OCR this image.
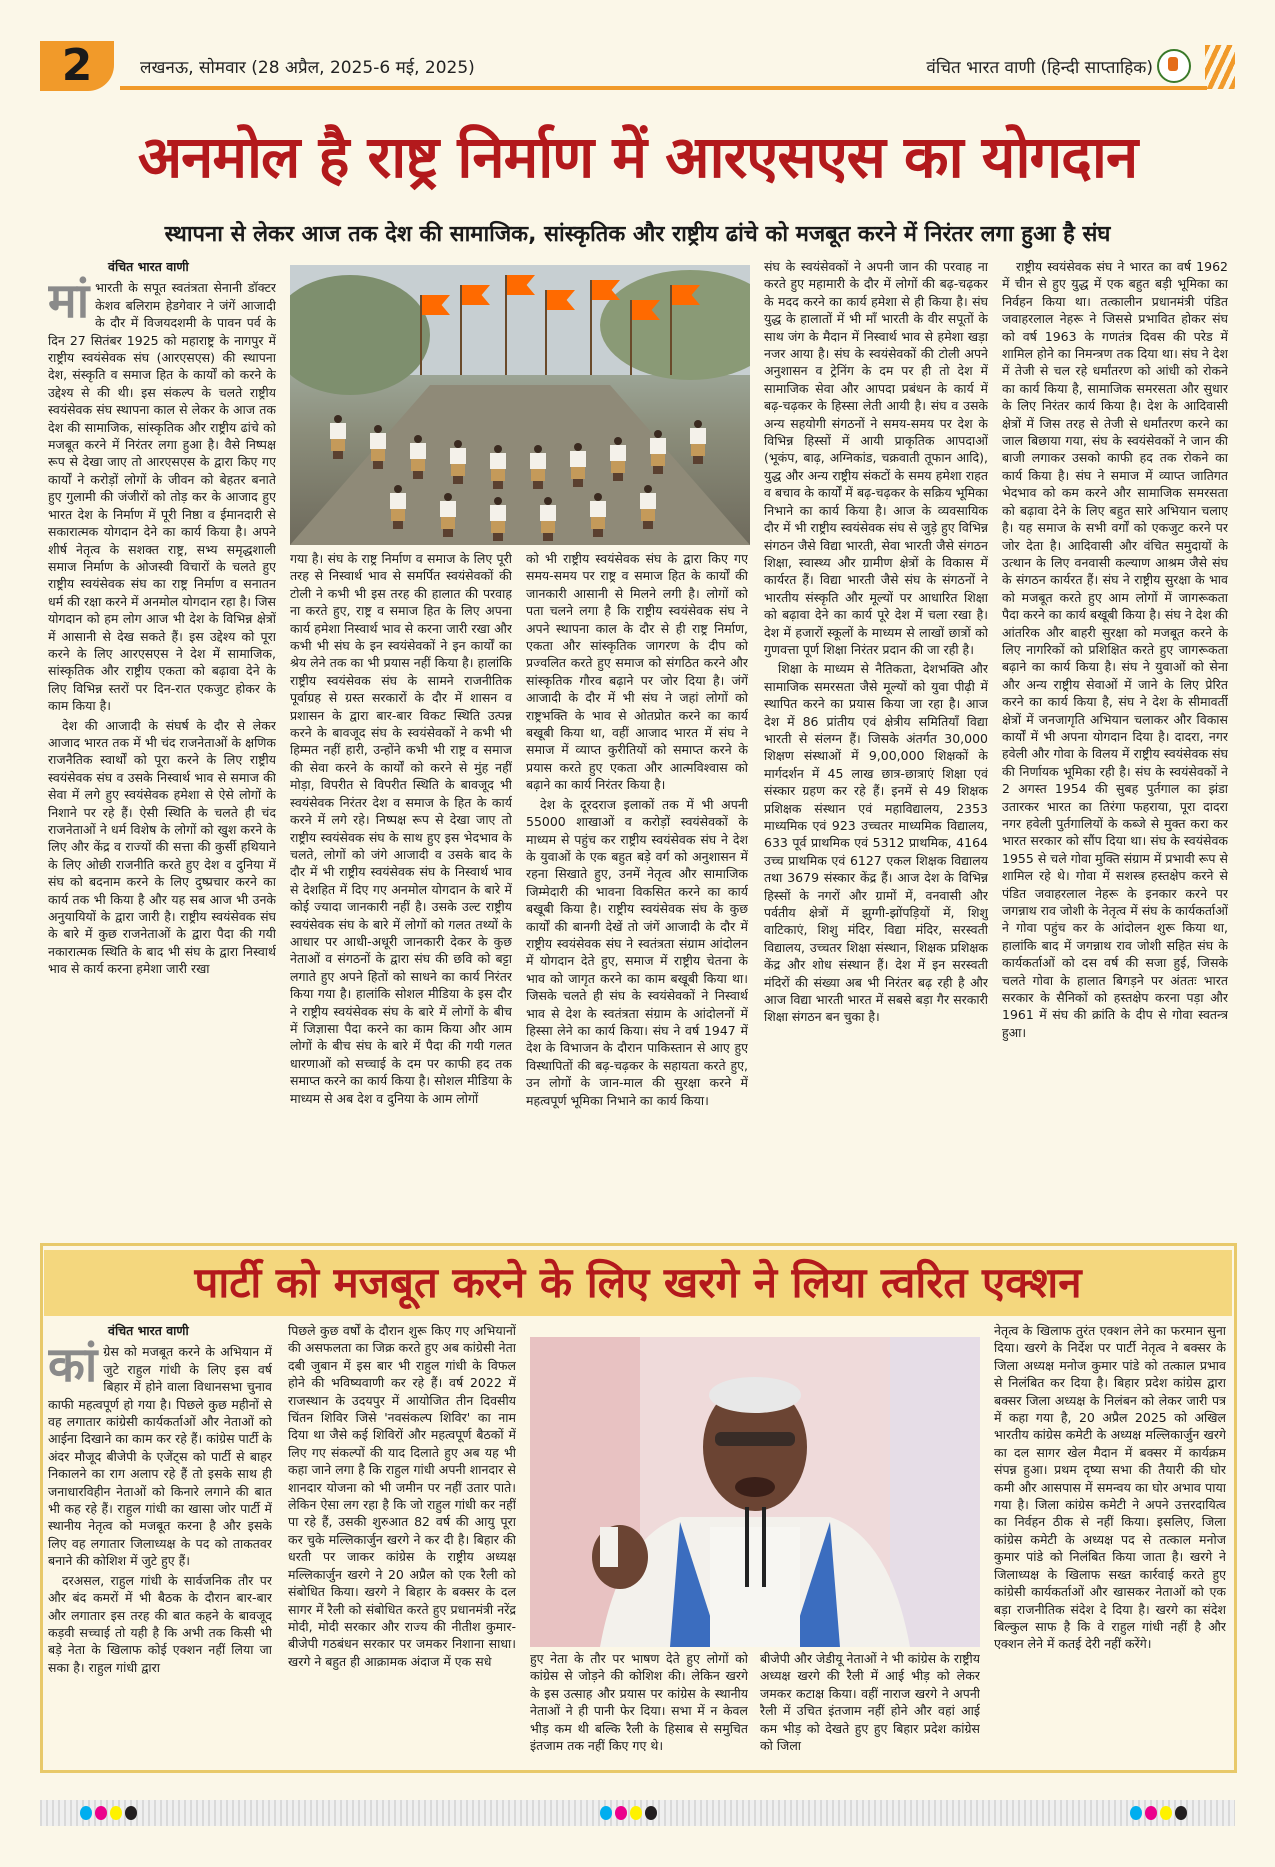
2	लखनऊ, सोमवार (28 अप्रैल, 2025-6 मई, 2025)	वंचित भारत वाणी (हिन्दी साप्ताहिक)
अनमोल है राष्ट्र निर्माण में आरएसएस का योगदान
स्थापना से लेकर आज तक देश की सामाजिक, सांस्कृतिक और राष्ट्रीय ढांचे को मजबूत करने में निरंतर लगा हुआ है संघ
वंचित भारत वाणी
मां भारती के सपूत स्वतंत्रता सेनानी डॉक्टर केशव बलिराम हेडगेवार ने जंगें आजादी के दौर में विजयदशमी के पावन पर्व के दिन 27 सितंबर 1925 को महाराष्ट्र के नागपुर में राष्ट्रीय स्वयंसेवक संघ (आरएसएस) की स्थापना देश, संस्कृति व समाज हित के कार्यों को करने के उद्देश्य से की थी। इस संकल्प के चलते राष्ट्रीय स्वयंसेवक संघ स्थापना काल से लेकर के आज तक देश की सामाजिक, सांस्कृतिक और राष्ट्रीय ढांचे को मजबूत करने में निरंतर लगा हुआ है। वैसे निष्पक्ष रूप से देखा जाए तो आरएसएस के द्वारा किए गए कार्यों ने करोड़ों लोगों के जीवन को बेहतर बनाते हुए गुलामी की जंजीरों को तोड़ कर के आजाद हुए भारत देश के निर्माण में पूरी निष्ठा व ईमानदारी से सकारात्मक योगदान देने का कार्य किया है। अपने शीर्ष नेतृत्व के सशक्त राष्ट्र, सभ्य समृद्धशाली समाज निर्माण के ओजस्वी विचारों के चलते हुए राष्ट्रीय स्वयंसेवक संघ का राष्ट्र निर्माण व सनातन धर्म की रक्षा करने में अनमोल योगदान रहा है। जिस योगदान को हम लोग आज भी देश के विभिन्न क्षेत्रों में आसानी से देख सकते हैं। इस उद्देश्य को पूरा करने के लिए आरएसएस ने देश में सामाजिक, सांस्कृतिक और राष्ट्रीय एकता को बढ़ावा देने के लिए विभिन्न स्तरों पर दिन-रात एकजुट होकर के काम किया है।

देश की आजादी के संघर्ष के दौर से लेकर आजाद भारत तक में भी चंद राजनेताओं के क्षणिक राजनैतिक स्वार्थों को पूरा करने के लिए राष्ट्रीय स्वयंसेवक संघ व उसके निस्वार्थ भाव से समाज की सेवा में लगे हुए स्वयंसेवक हमेशा से ऐसे लोगों के निशाने पर रहे हैं। ऐसी स्थिति के चलते ही चंद राजनेताओं ने धर्म विशेष के लोगों को खुश करने के लिए और केंद्र व राज्यों की सत्ता की कुर्सी हथियाने के लिए ओछी राजनीति करते हुए देश व दुनिया में संघ को बदनाम करने के लिए दुष्प्रचार करने का कार्य तक भी किया है और यह सब आज भी उनके अनुयायियों के द्वारा जारी है। राष्ट्रीय स्वयंसेवक संघ के बारे में कुछ राजनेताओं के द्वारा पैदा की गयी नकारात्मक स्थिति के बाद भी संघ के द्वारा निस्वार्थ भाव से कार्य करना हमेशा जारी रखा

गया है। संघ के राष्ट्र निर्माण व समाज के लिए पूरी तरह से निस्वार्थ भाव से समर्पित स्वयंसेवकों की टोली ने कभी भी इस तरह की हालात की परवाह ना करते हुए, राष्ट्र व समाज हित के लिए अपना कार्य हमेशा निस्वार्थ भाव से करना जारी रखा और कभी भी संघ के इन स्वयंसेवकों ने इन कार्यों का श्रेय लेने तक का भी प्रयास नहीं किया है। हालांकि राष्ट्रीय स्वयंसेवक संघ के सामने राजनीतिक पूर्वाग्रह से ग्रस्त सरकारों के दौर में शासन व प्रशासन के द्वारा बार-बार विकट स्थिति उत्पन्न करने के बावजूद संघ के स्वयंसेवकों ने कभी भी हिम्मत नहीं हारी, उन्होंने कभी भी राष्ट्र व समाज की सेवा करने के कार्यों को करने से मुंह नहीं मोड़ा, विपरीत से विपरीत स्थिति के बावजूद भी स्वयंसेवक निरंतर देश व समाज के हित के कार्य करने में लगे रहे। निष्पक्ष रूप से देखा जाए तो राष्ट्रीय स्वयंसेवक संघ के साथ हुए इस भेदभाव के चलते, लोगों को जंगे आजादी व उसके बाद के दौर में भी राष्ट्रीय स्वयंसेवक संघ के निस्वार्थ भाव से देशहित में दिए गए अनमोल योगदान के बारे में कोई ज्यादा जानकारी नहीं है। उसके उल्ट राष्ट्रीय स्वयंसेवक संघ के बारे में लोगों को गलत तथ्यों के आधार पर आधी-अधूरी जानकारी देकर के कुछ नेताओं व संगठनों के द्वारा संघ की छवि को बट्टा लगाते हुए अपने हितों को साधने का कार्य निरंतर किया गया है। हालांकि सोशल मीडिया के इस दौर ने राष्ट्रीय स्वयंसेवक संघ के बारे में लोगों के बीच में जिज्ञासा पैदा करने का काम किया और आम लोगों के बीच संघ के बारे में पैदा की गयी गलत धारणाओं को सच्चाई के दम पर काफी हद तक समाप्त करने का कार्य किया है। सोशल मीडिया के माध्यम से अब देश व दुनिया के आम लोगों

को भी राष्ट्रीय स्वयंसेवक संघ के द्वारा किए गए समय-समय पर राष्ट्र व समाज हित के कार्यों की जानकारी आसानी से मिलने लगी है। लोगों को पता चलने लगा है कि राष्ट्रीय स्वयंसेवक संघ ने अपने स्थापना काल के दौर से ही राष्ट्र निर्माण, एकता और सांस्कृतिक जागरण के दीप को प्रज्वलित करते हुए समाज को संगठित करने और सांस्कृतिक गौरव बढ़ाने पर जोर दिया है। जंगें आजादी के दौर में भी संघ ने जहां लोगों को राष्ट्रभक्ति के भाव से ओतप्रोत करने का कार्य बखूबी किया था, वहीं आजाद भारत में संघ ने समाज में व्याप्त कुरीतियों को समाप्त करने के प्रयास करते हुए एकता और आत्मविश्वास को बढ़ाने का कार्य निरंतर किया है।

देश के दूरदराज इलाकों तक में भी अपनी 55000 शाखाओं व करोड़ों स्वयंसेवकों के माध्यम से पहुंच कर राष्ट्रीय स्वयंसेवक संघ ने देश के युवाओं के एक बहुत बड़े वर्ग को अनुशासन में रहना सिखाते हुए, उनमें नेतृत्व और सामाजिक जिम्मेदारी की भावना विकसित करने का कार्य बखूबी किया है। राष्ट्रीय स्वयंसेवक संघ के कुछ कार्यों की बानगी देखें तो जंगें आजादी के दौर में राष्ट्रीय स्वयंसेवक संघ ने स्वतंत्रता संग्राम आंदोलन में योगदान देते हुए, समाज में राष्ट्रीय चेतना के भाव को जागृत करने का काम बखूबी किया था। जिसके चलते ही संघ के स्वयंसेवकों ने निस्वार्थ भाव से देश के स्वतंत्रता संग्राम के आंदोलनों में हिस्सा लेने का कार्य किया। संघ ने वर्ष 1947 में देश के विभाजन के दौरान पाकिस्तान से आए हुए विस्थापितों की बढ़-चढ़कर के सहायता करते हुए, उन लोगों के जान-माल की सुरक्षा करने में महत्वपूर्ण भूमिका निभाने का कार्य किया।

संघ के स्वयंसेवकों ने अपनी जान की परवाह ना करते हुए महामारी के दौर में लोगों की बढ़-चढ़कर के मदद करने का कार्य हमेशा से ही किया है। संघ युद्ध के हालातों में भी माँ भारती के वीर सपूतों के साथ जंग के मैदान में निस्वार्थ भाव से हमेशा खड़ा नजर आया है। संघ के स्वयंसेवकों की टोली अपने अनुशासन व ट्रेनिंग के दम पर ही तो देश में सामाजिक सेवा और आपदा प्रबंधन के कार्य में बढ़-चढ़कर के हिस्सा लेती आयी है। संघ व उसके अन्य सहयोगी संगठनों ने समय-समय पर देश के विभिन्न हिस्सों में आयी प्राकृतिक आपदाओं (भूकंप, बाढ़, अग्निकांड, चक्रवाती तूफान आदि), युद्ध और अन्य राष्ट्रीय संकटों के समय हमेशा राहत व बचाव के कार्यों में बढ़-चढ़कर के सक्रिय भूमिका निभाने का कार्य किया है। आज के व्यवसायिक दौर में भी राष्ट्रीय स्वयंसेवक संघ से जुड़े हुए विभिन्न संगठन जैसे विद्या भारती, सेवा भारती जैसे संगठन शिक्षा, स्वास्थ्य और ग्रामीण क्षेत्रों के विकास में कार्यरत हैं। विद्या भारती जैसे संघ के संगठनों ने भारतीय संस्कृति और मूल्यों पर आधारित शिक्षा को बढ़ावा देने का कार्य पूरे देश में चला रखा है। देश में हजारों स्कूलों के माध्यम से लाखों छात्रों को गुणवत्ता पूर्ण शिक्षा निरंतर प्रदान की जा रही है।

शिक्षा के माध्यम से नैतिकता, देशभक्ति और सामाजिक समरसता जैसे मूल्यों को युवा पीढ़ी में स्थापित करने का प्रयास किया जा रहा है। आज देश में 86 प्रांतीय एवं क्षेत्रीय समितियाँ विद्या भारती से संलग्न हैं। जिसके अंतर्गत 30,000 शिक्षण संस्थाओं में 9,00,000 शिक्षकों के मार्गदर्शन में 45 लाख छात्र-छात्राएं शिक्षा एवं संस्कार ग्रहण कर रहे हैं। इनमें से 49 शिक्षक प्रशिक्षक संस्थान एवं महाविद्यालय, 2353 माध्यमिक एवं 923 उच्चतर माध्यमिक विद्यालय, 633 पूर्व प्राथमिक एवं 5312 प्राथमिक, 4164 उच्च प्राथमिक एवं 6127 एकल शिक्षक विद्यालय तथा 3679 संस्कार केंद्र हैं। आज देश के विभिन्न हिस्सों के नगरों और ग्रामों में, वनवासी और पर्वतीय क्षेत्रों में झुग्गी-झोंपड़ियों में, शिशु वाटिकाएं, शिशु मंदिर, विद्या मंदिर, सरस्वती विद्यालय, उच्चतर शिक्षा संस्थान, शिक्षक प्रशिक्षक केंद्र और शोध संस्थान हैं। देश में इन सरस्वती मंदिरों की संख्या अब भी निरंतर बढ़ रही है और आज विद्या भारती भारत में सबसे बड़ा गैर सरकारी शिक्षा संगठन बन चुका है।

राष्ट्रीय स्वयंसेवक संघ ने भारत का वर्ष 1962 में चीन से हुए युद्ध में एक बहुत बड़ी भूमिका का निर्वहन किया था। तत्कालीन प्रधानमंत्री पंडित जवाहरलाल नेहरू ने जिससे प्रभावित होकर संघ को वर्ष 1963 के गणतंत्र दिवस की परेड में शामिल होने का निमन्त्रण तक दिया था। संघ ने देश में तेजी से चल रहे धर्मांतरण को आंधी को रोकने का कार्य किया है, सामाजिक समरसता और सुधार के लिए निरंतर कार्य किया है। देश के आदिवासी क्षेत्रों में जिस तरह से तेजी से धर्मांतरण करने का जाल बिछाया गया, संघ के स्वयंसेवकों ने जान की बाजी लगाकर उसको काफी हद तक रोकने का कार्य किया है। संघ ने समाज में व्याप्त जातिगत भेदभाव को कम करने और सामाजिक समरसता को बढ़ावा देने के लिए बहुत सारे अभियान चलाए है। यह समाज के सभी वर्गों को एकजुट करने पर जोर देता है। आदिवासी और वंचित समुदायों के उत्थान के लिए वनवासी कल्याण आश्रम जैसे संघ के संगठन कार्यरत हैं। संघ ने राष्ट्रीय सुरक्षा के भाव को मजबूत करते हुए आम लोगों में जागरूकता पैदा करने का कार्य बखूबी किया है। संघ ने देश की आंतरिक और बाहरी सुरक्षा को मजबूत करने के लिए नागरिकों को प्रशिक्षित करते हुए जागरूकता बढ़ाने का कार्य किया है। संघ ने युवाओं को सेना और अन्य राष्ट्रीय सेवाओं में जाने के लिए प्रेरित करने का कार्य किया है, संघ ने देश के सीमावर्ती क्षेत्रों में जनजागृति अभियान चलाकर और विकास कार्यों में भी अपना योगदान दिया है। दादरा, नगर हवेली और गोवा के विलय में राष्ट्रीय स्वयंसेवक संघ की निर्णायक भूमिका रही है। संघ के स्वयंसेवकों ने 2 अगस्त 1954 की सुबह पुर्तगाल का झंडा उतारकर भारत का तिरंगा फहराया, पूरा दादरा नगर हवेली पुर्तगालियों के कब्जे से मुक्त करा कर भारत सरकार को सौंप दिया था। संघ के स्वयंसेवक 1955 से चले गोवा मुक्ति संग्राम में प्रभावी रूप से शामिल रहे थे। गोवा में सशस्त्र हस्तक्षेप करने से पंडित जवाहरलाल नेहरू के इनकार करने पर जगन्नाथ राव जोशी के नेतृत्व में संघ के कार्यकर्ताओं ने गोवा पहुंच कर के आंदोलन शुरू किया था, हालांकि बाद में जगन्नाथ राव जोशी सहित संघ के कार्यकर्ताओं को दस वर्ष की सजा हुई, जिसके चलते गोवा के हालात बिगड़ने पर अंततः भारत सरकार के सैनिकों को हस्तक्षेप करना पड़ा और 1961 में संघ की क्रांति के दीप से गोवा स्वतन्त्र हुआ।

पार्टी को मजबूत करने के लिए खरगे ने लिया त्वरित एक्शन
वंचित भारत वाणी
कां ग्रेस को मजबूत करने के अभियान में जुटे राहुल गांधी के लिए इस वर्ष बिहार में होने वाला विधानसभा चुनाव काफी महत्वपूर्ण हो गया है। पिछले कुछ महीनों से वह लगातार कांग्रेसी कार्यकर्ताओं और नेताओं को आईना दिखाने का काम कर रहे हैं। कांग्रेस पार्टी के अंदर मौजूद बीजेपी के एजेंट्स को पार्टी से बाहर निकालने का राग अलाप रहे हैं तो इसके साथ ही जनाधारविहीन नेताओं को किनारे लगाने की बात भी कह रहे हैं। राहुल गांधी का खासा जोर पार्टी में स्थानीय नेतृत्व को मजबूत करना है और इसके लिए वह लगातार जिलाध्यक्ष के पद को ताकतवर बनाने की कोशिश में जुटे हुए हैं।

दरअसल, राहुल गांधी के सार्वजनिक तौर पर और बंद कमरों में भी बैठक के दौरान बार-बार और लगातार इस तरह की बात कहने के बावजूद कड़वी सच्चाई तो यही है कि अभी तक किसी भी बड़े नेता के खिलाफ कोई एक्शन नहीं लिया जा सका है। राहुल गांधी द्वारा

पिछले कुछ वर्षों के दौरान शुरू किए गए अभियानों की असफलता का जिक्र करते हुए अब कांग्रेसी नेता दबी जुबान में इस बार भी राहुल गांधी के विफल होने की भविष्यवाणी कर रहे हैं। वर्ष 2022 में राजस्थान के उदयपुर में आयोजित तीन दिवसीय चिंतन शिविर जिसे 'नवसंकल्प शिविर' का नाम दिया था जैसे कई शिविरों और महत्वपूर्ण बैठकों में लिए गए संकल्पों की याद दिलाते हुए अब यह भी कहा जाने लगा है कि राहुल गांधी अपनी शानदार से शानदार योजना को भी जमीन पर नहीं उतार पाते। लेकिन ऐसा लग रहा है कि जो राहुल गांधी कर नहीं पा रहे हैं, उसकी शुरुआत 82 वर्ष की आयु पूरा कर चुके मल्लिकार्जुन खरगे ने कर दी है। बिहार की धरती पर जाकर कांग्रेस के राष्ट्रीय अध्यक्ष मल्लिकार्जुन खरगे ने 20 अप्रैल को एक रैली को संबोधित किया। खरगे ने बिहार के बक्सर के दल सागर में रैली को संबोधित करते हुए प्रधानमंत्री नरेंद्र मोदी, मोदी सरकार और राज्य की नीतीश कुमार-बीजेपी गठबंधन सरकार पर जमकर निशाना साधा। खरगे ने बहुत ही आक्रामक अंदाज में एक सधे	हुए नेता के तौर पर भाषण देते हुए लोगों को कांग्रेस से जोड़ने की कोशिश की। लेकिन खरगे के इस उत्साह और प्रयास पर कांग्रेस के स्थानीय नेताओं ने ही पानी फेर दिया। सभा में न केवल भीड़ कम थी बल्कि रैली के हिसाब से समुचित इंतजाम तक नहीं किए गए थे।

बीजेपी और जेडीयू नेताओं ने भी कांग्रेस के राष्ट्रीय अध्यक्ष खरगे की रैली में आई भीड़ को लेकर जमकर कटाक्ष किया। वहीं नाराज खरगे ने अपनी रैली में उचित इंतजाम नहीं होने और वहां आई कम भीड़ को देखते हुए हुए बिहार प्रदेश कांग्रेस को जिला

नेतृत्व के खिलाफ तुरंत एक्शन लेने का फरमान सुना दिया। खरगे के निर्देश पर पार्टी नेतृत्व ने बक्सर के जिला अध्यक्ष मनोज कुमार पांडे को तत्काल प्रभाव से निलंबित कर दिया है। बिहार प्रदेश कांग्रेस द्वारा बक्सर जिला अध्यक्ष के निलंबन को लेकर जारी पत्र में कहा गया है, 20 अप्रैल 2025 को अखिल भारतीय कांग्रेस कमेटी के अध्यक्ष मल्लिकार्जुन खरगे का दल सागर खेल मैदान में बक्सर में कार्यक्रम संपन्न हुआ। प्रथम दृष्या सभा की तैयारी की घोर कमी और आसपास में समन्वय का घोर अभाव पाया गया है। जिला कांग्रेस कमेटी ने अपने उत्तरदायित्व का निर्वहन ठीक से नहीं किया। इसलिए, जिला कांग्रेस कमेटी के अध्यक्ष पद से तत्काल मनोज कुमार पांडे को निलंबित किया जाता है। खरगे ने जिलाध्यक्ष के खिलाफ सख्त कार्रवाई करते हुए कांग्रेसी कार्यकर्ताओं और खासकर नेताओं को एक बड़ा राजनीतिक संदेश दे दिया है। खरगे का संदेश बिल्कुल साफ है कि वे राहुल गांधी नहीं है और एक्शन लेने में कतई देरी नहीं करेंगे।
